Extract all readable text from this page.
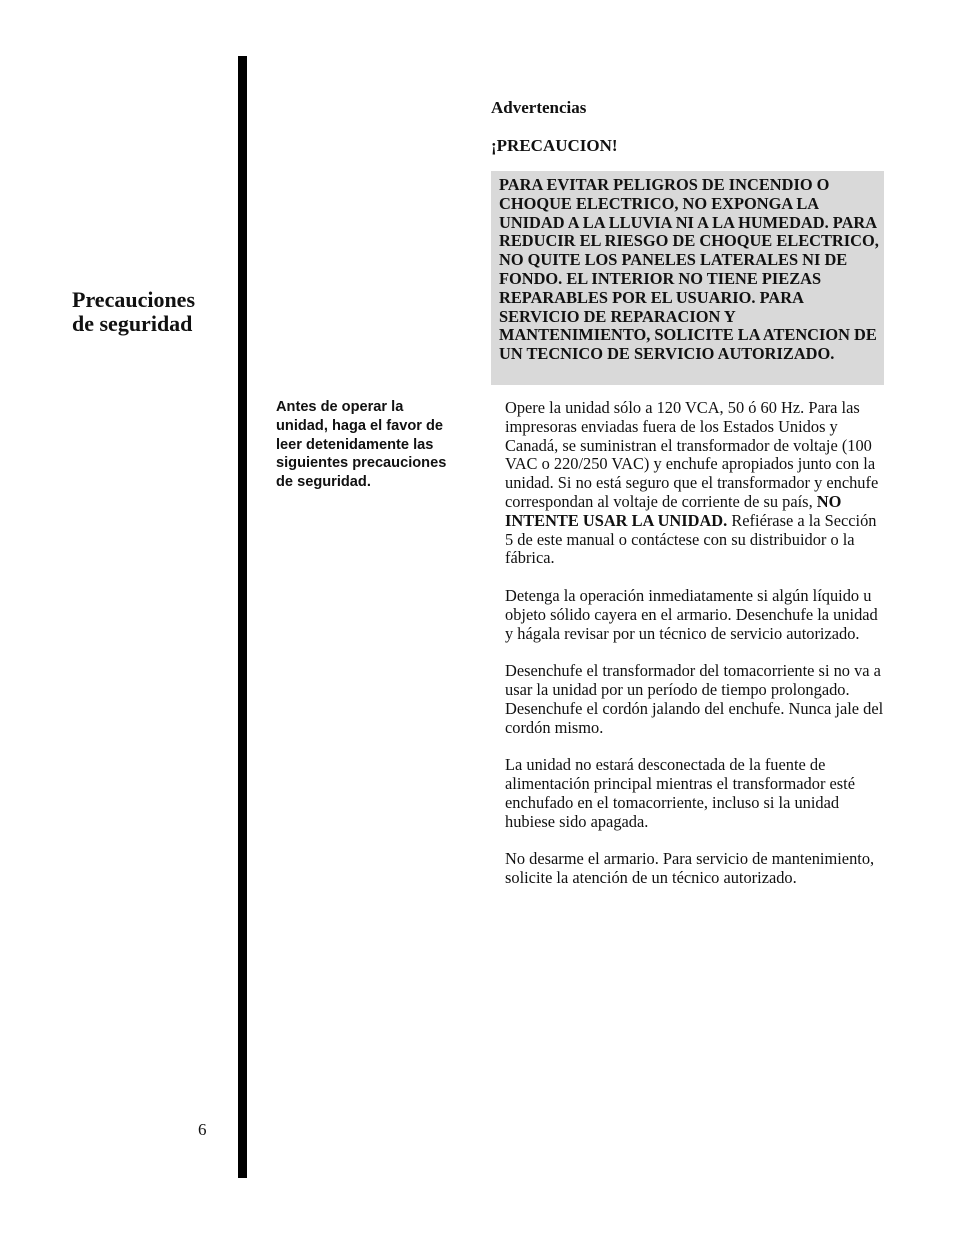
Precauciones
de seguridad
6
Advertencias
¡PRECAUCION!
PARA EVITAR PELIGROS DE INCENDIO O CHOQUE ELECTRICO, NO EXPONGA LA UNIDAD A LA LLUVIA NI A LA HUMEDAD. PARA REDUCIR EL RIESGO DE CHOQUE ELECTRICO, NO QUITE LOS PANELES LATERALES NI DE FONDO. EL INTERIOR NO TIENE PIEZAS REPARABLES POR EL USUARIO. PARA SERVICIO DE REPARACION Y MANTENIMIENTO, SOLICITE LA ATENCION DE UN TECNICO DE SERVICIO AUTORIZADO.
Antes de operar la unidad, haga el favor de leer detenidamente las siguientes precauciones de seguridad.

Opere la unidad sólo a 120 VCA, 50 ó 60 Hz. Para las impresoras enviadas fuera de los Estados Unidos y Canadá, se suministran el transformador de voltaje (100 VAC o 220/250 VAC) y enchufe apropiados junto con la unidad. Si no está seguro que el transformador y enchufe correspondan al voltaje de corriente de su país, NO INTENTE USAR LA UNIDAD. Refiérase a la Sección 5 de este manual o contáctese con su distribuidor o la fábrica.

Detenga la operación inmediatamente si algún líquido u objeto sólido cayera en el armario. Desenchufe la unidad y hágala revisar por un técnico de servicio autorizado.

Desenchufe el transformador del tomacorriente si no va a usar la unidad por un período de tiempo prolongado. Desenchufe el cordón jalando del enchufe. Nunca jale del cordón mismo.

La unidad no estará desconectada de la fuente de alimentación principal mientras el transformador esté enchufado en el tomacorriente, incluso si la unidad hubiese sido apagada.

No desarme el armario. Para servicio de mantenimiento, solicite la atención de un técnico autorizado.
